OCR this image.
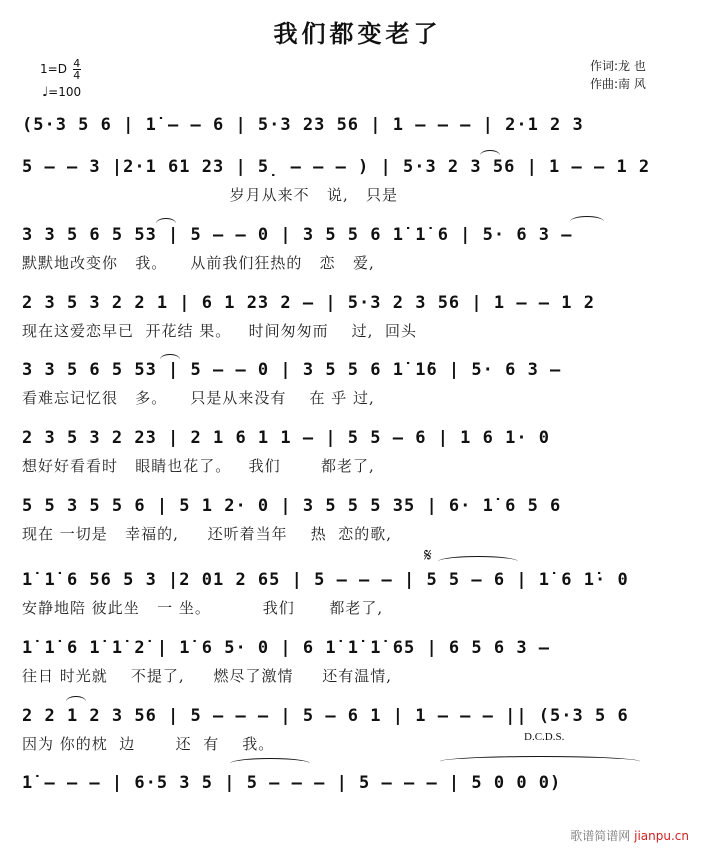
我们都变老了
$1=D \frac{4}{4}$
♩=100
作词:龙 也
作曲:南 风
(5·3 5 6 | 1̇ – – 6 | 5·3 23 56 | 1 – – – | 2·1 2 3
5 – – 3 |2·1 61 23 | 5̣ – – – ) | 5·3 2 3 56 | 1 – – 1 2
岁月从来不   说,   只是
3 3 5 6 5 53 | 5 – – 0 | 3 5 5 6 1̇ 1̇ 6 | 5· 6 3 –
默默地改变你   我。    从前我们狂热的   恋   爱,
2 3 5 3 2 2 1 | 6 1 23 2 – | 5·3 2 3 56 | 1 – – 1 2
现在这爱恋早已  开花结 果。   时间匆匆而    过,  回头
3 3 5 6 5 53 | 5 – – 0 | 3 5 5 6 1̇ 1̇6 | 5· 6 3 –
看难忘记忆很   多。    只是从来没有    在 乎 过,
2 3 5 3 2 23 | 2 1 6 1 1 – | 5 5 – 6 | 1 6 1· 0
想好好看看时   眼睛也花了。   我们       都老了,
5 5 3 5 5 6 | 5 1 2· 0 | 3 5 5 5 35 | 6· 1̇ 6 5 6
现在 一切是   幸福的,     还听着当年    热  恋的歌,
1̇ 1̇ 6 56 5 3 |2 01 2 65 | 5 – – – | 5 5 – 6 | 1̇ 6 1̇· 0
安静地陪 彼此坐   一 坐。         我们      都老了,
𝄋
1̇ 1̇ 6 1̇ 1̇ 2̇ | 1̇ 6 5· 0 | 6 1̇ 1̇ 1̇ 65 | 6 5 6 3 –
往日 时光就    不提了,     燃尽了激情     还有温情,
2 2 1 2 3 56 | 5 – – – | 5 – 6 1 | 1 – – – || (5·3 5 6
因为 你的枕  边       还  有    我。	D.C.D.S.
1̇ – – – | 6·5 3 5 | 5 – – – | 5 – – – | 5 0 0 0)
歌谱简谱网 jianpu.cn
